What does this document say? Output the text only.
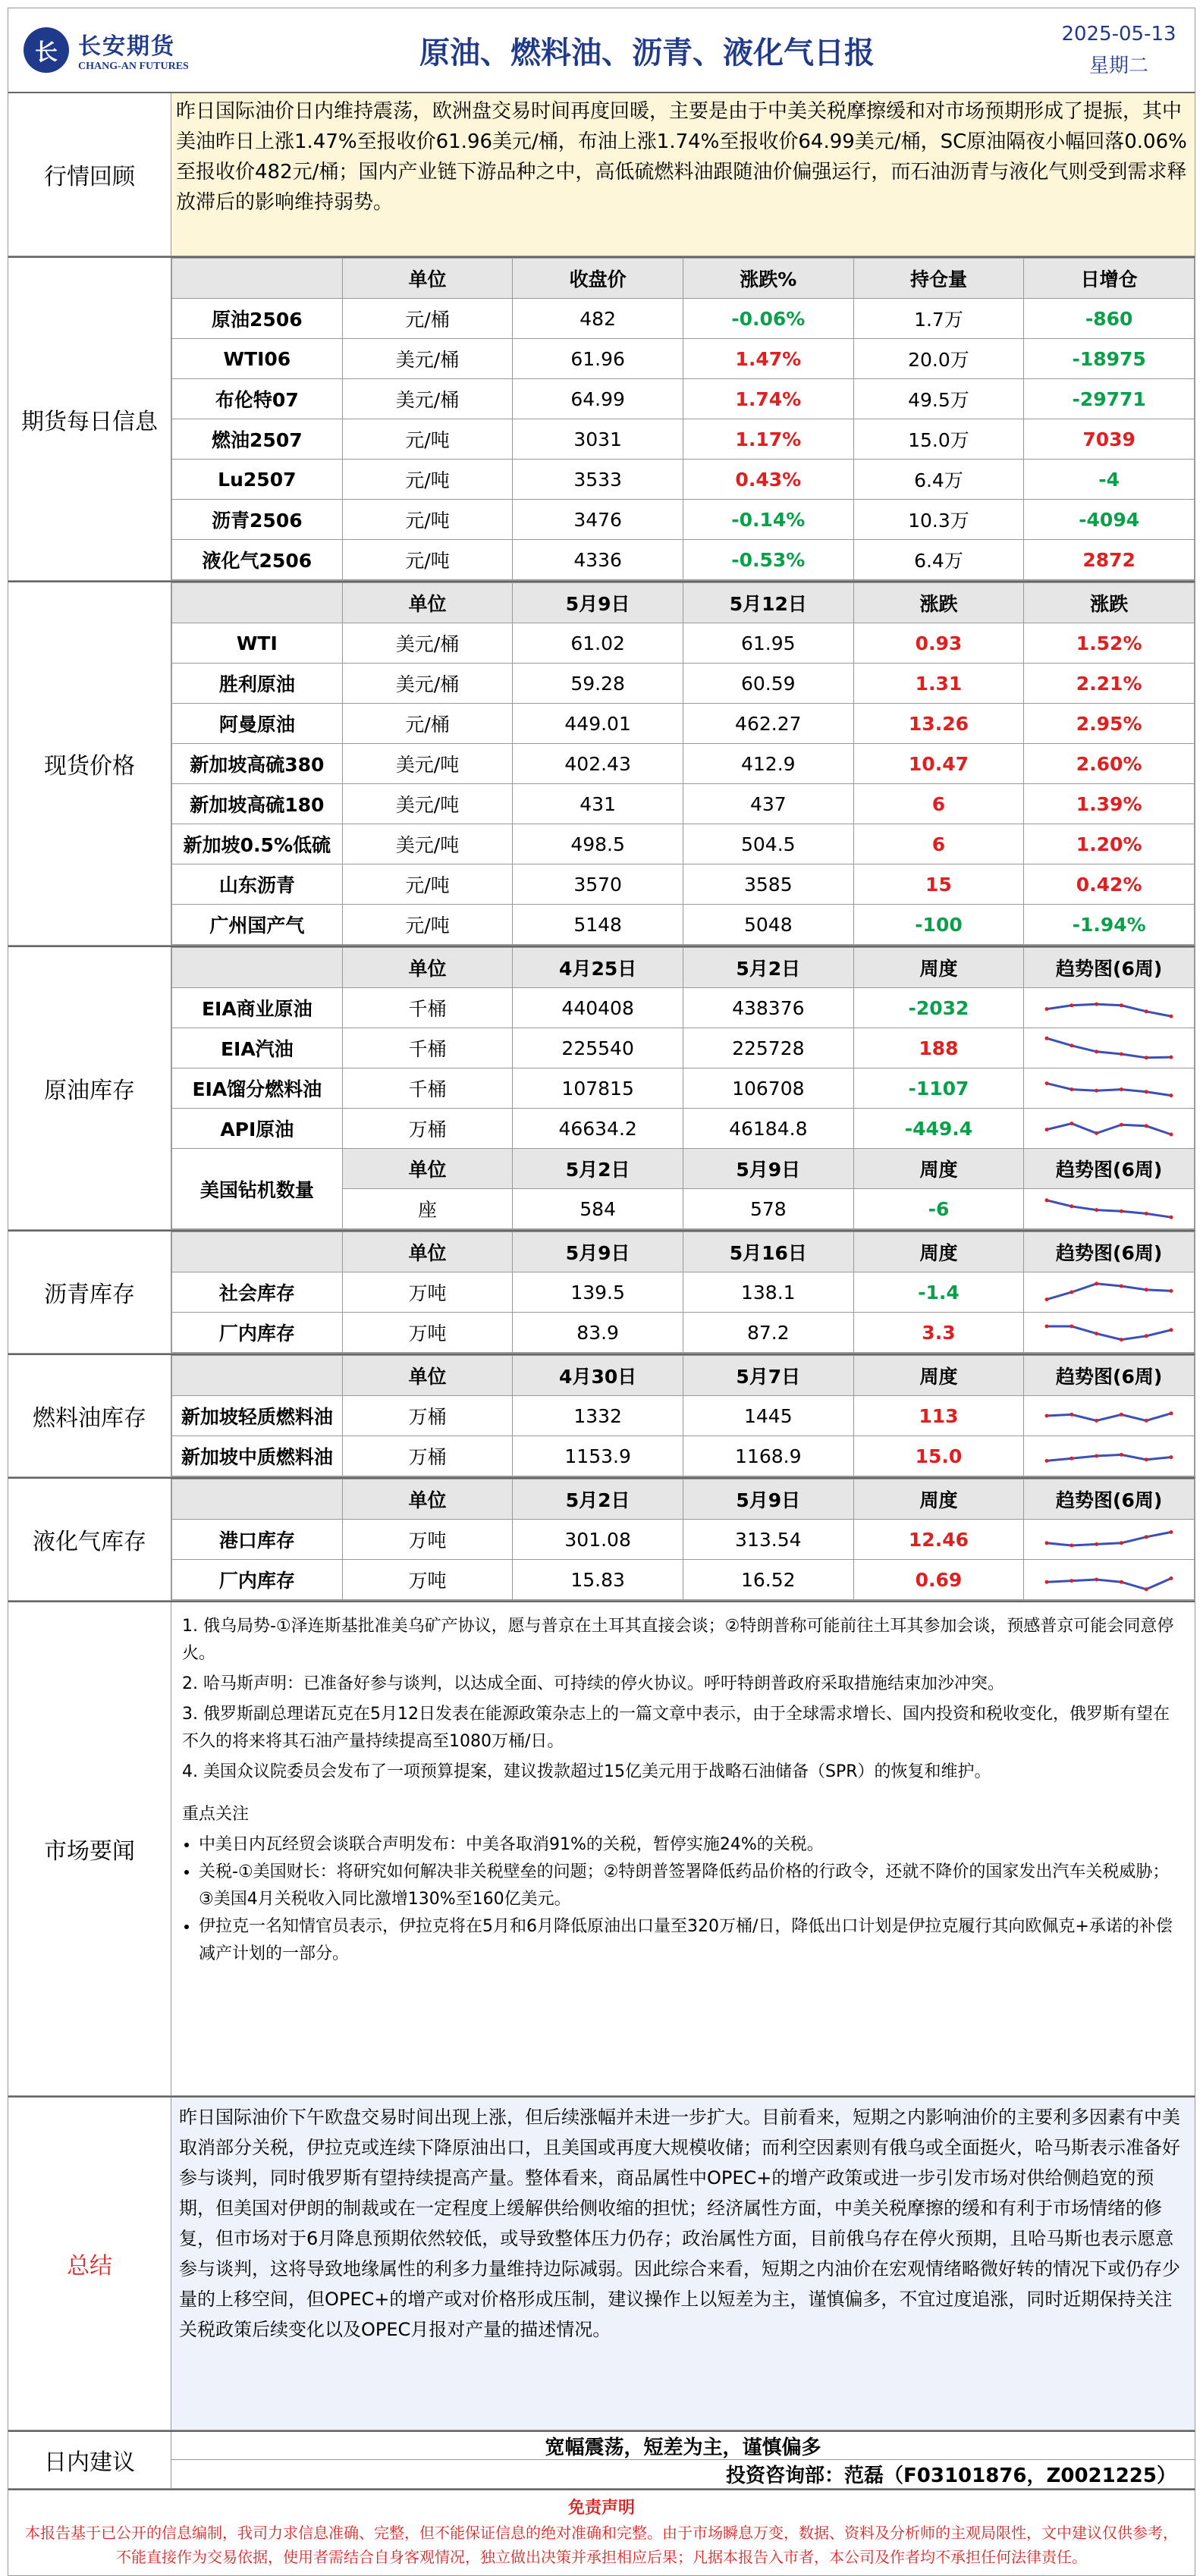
长 长安期货
CHANG-AN FUTURES	原油、燃料油、沥青、液化气日报
2025-05-13
星期二
行情回顾
昨日国际油价日内维持震荡，欧洲盘交易时间再度回暖，主要是由于中美关税摩擦缓和对市场预期形成了提振，其中美油昨日上涨1.47%至报收价61.96美元/桶，布油上涨1.74%至报收价64.99美元/桶，SC原油隔夜小幅回落0.06%至报收价482元/桶；国内产业链下游品种之中，高低硫燃料油跟随油价偏强运行，而石油沥青与液化气则受到需求释放滞后的影响维持弱势。
期货每日信息
	单位	收盘价	涨跌%	持仓量	日增仓
原油2506	元/桶	482	-0.06%	1.7万	-860
WTI06	美元/桶	61.96	1.47%	20.0万	-18975
布伦特07	美元/桶	64.99	1.74%	49.5万	-29771
燃油2507	元/吨	3031	1.17%	15.0万	7039
Lu2507	元/吨	3533	0.43%	6.4万	-4
沥青2506	元/吨	3476	-0.14%	10.3万	-4094
液化气2506	元/吨	4336	-0.53%	6.4万	2872
现货价格
	单位	5月9日	5月12日	涨跌	涨跌
WTI	美元/桶	61.02	61.95	0.93	1.52%
胜利原油	美元/桶	59.28	60.59	1.31	2.21%
阿曼原油	元/桶	449.01	462.27	13.26	2.95%
新加坡高硫380	美元/吨	402.43	412.9	10.47	2.60%
新加坡高硫180	美元/吨	431	437	6	1.39%
新加坡0.5%低硫	美元/吨	498.5	504.5	6	1.20%
山东沥青	元/吨	3570	3585	15	0.42%
广州国产气	元/吨	5148	5048	-100	-1.94%
原油库存
	单位	4月25日	5月2日	周度	趋势图(6周)
EIA商业原油	千桶	440408	438376	-2032	

EIA汽油	千桶	225540	225728	188	

EIA馏分燃料油	千桶	107815	106708	-1107	

API原油	万桶	46634.2	46184.8	-449.4	

美国钻机数量	单位	5月2日	5月9日	周度	趋势图(6周)
	座	584	578	-6	
沥青库存
	单位	5月9日	5月16日	周度	趋势图(6周)
社会库存	万吨	139.5	138.1	-1.4	

厂内库存	万吨	83.9	87.2	3.3	
燃料油库存
	单位	4月30日	5月7日	周度	趋势图(6周)
新加坡轻质燃料油	万桶	1332	1445	113	

新加坡中质燃料油	万桶	1153.9	1168.9	15.0	
液化气库存
	单位	5月2日	5月9日	周度	趋势图(6周)
港口库存	万吨	301.08	313.54	12.46	

厂内库存	万吨	15.83	16.52	0.69	
市场要闻

1. 俄乌局势-①泽连斯基批准美乌矿产协议，愿与普京在土耳其直接会谈；②特朗普称可能前往土耳其参加会谈，预感普京可能会同意停火。

2. 哈马斯声明：已准备好参与谈判，以达成全面、可持续的停火协议。呼吁特朗普政府采取措施结束加沙冲突。

3. 俄罗斯副总理诺瓦克在5月12日发表在能源政策杂志上的一篇文章中表示，由于全球需求增长、国内投资和税收变化，俄罗斯有望在不久的将来将其石油产量持续提高至1080万桶/日。

4. 美国众议院委员会发布了一项预算提案，建议拨款超过15亿美元用于战略石油储备（SPR）的恢复和维护。

重点关注

• 中美日内瓦经贸会谈联合声明发布：中美各取消91%的关税，暂停实施24%的关税。
• 关税-①美国财长：将研究如何解决非关税壁垒的问题；②特朗普签署降低药品价格的行政令，还就不降价的国家发出汽车关税威胁；③美国4月关税收入同比激增130%至160亿美元。
• 伊拉克一名知情官员表示，伊拉克将在5月和6月降低原油出口量至320万桶/日，降低出口计划是伊拉克履行其向欧佩克+承诺的补偿减产计划的一部分。
总结
昨日国际油价下午欧盘交易时间出现上涨，但后续涨幅并未进一步扩大。目前看来，短期之内影响油价的主要利多因素有中美取消部分关税，伊拉克或连续下降原油出口，且美国或再度大规模收储；而利空因素则有俄乌或全面挺火，哈马斯表示准备好参与谈判，同时俄罗斯有望持续提高产量。整体看来，商品属性中OPEC+的增产政策或进一步引发市场对供给侧趋宽的预期，但美国对伊朗的制裁或在一定程度上缓解供给侧收缩的担忧；经济属性方面，中美关税摩擦的缓和有利于市场情绪的修复，但市场对于6月降息预期依然较低，或导致整体压力仍存；政治属性方面，目前俄乌存在停火预期，且哈马斯也表示愿意参与谈判，这将导致地缘属性的利多力量维持边际减弱。因此综合来看，短期之内油价在宏观情绪略微好转的情况下或仍存少量的上移空间，但OPEC+的增产或对价格形成压制，建议操作上以短差为主，谨慎偏多，不宜过度追涨，同时近期保持关注关税政策后续变化以及OPEC月报对产量的描述情况。
日内建议
宽幅震荡，短差为主，谨慎偏多
投资咨询部：范磊（F03101876，Z0021225）
免责声明
本报告基于已公开的信息编制，我司力求信息准确、完整，但不能保证信息的绝对准确和完整。由于市场瞬息万变，数据、资料及分析师的主观局限性，文中建议仅供参考，不能直接作为交易依据，使用者需结合自身客观情况，独立做出决策并承担相应后果；凡据本报告入市者，本公司及作者均不承担任何法律责任。
